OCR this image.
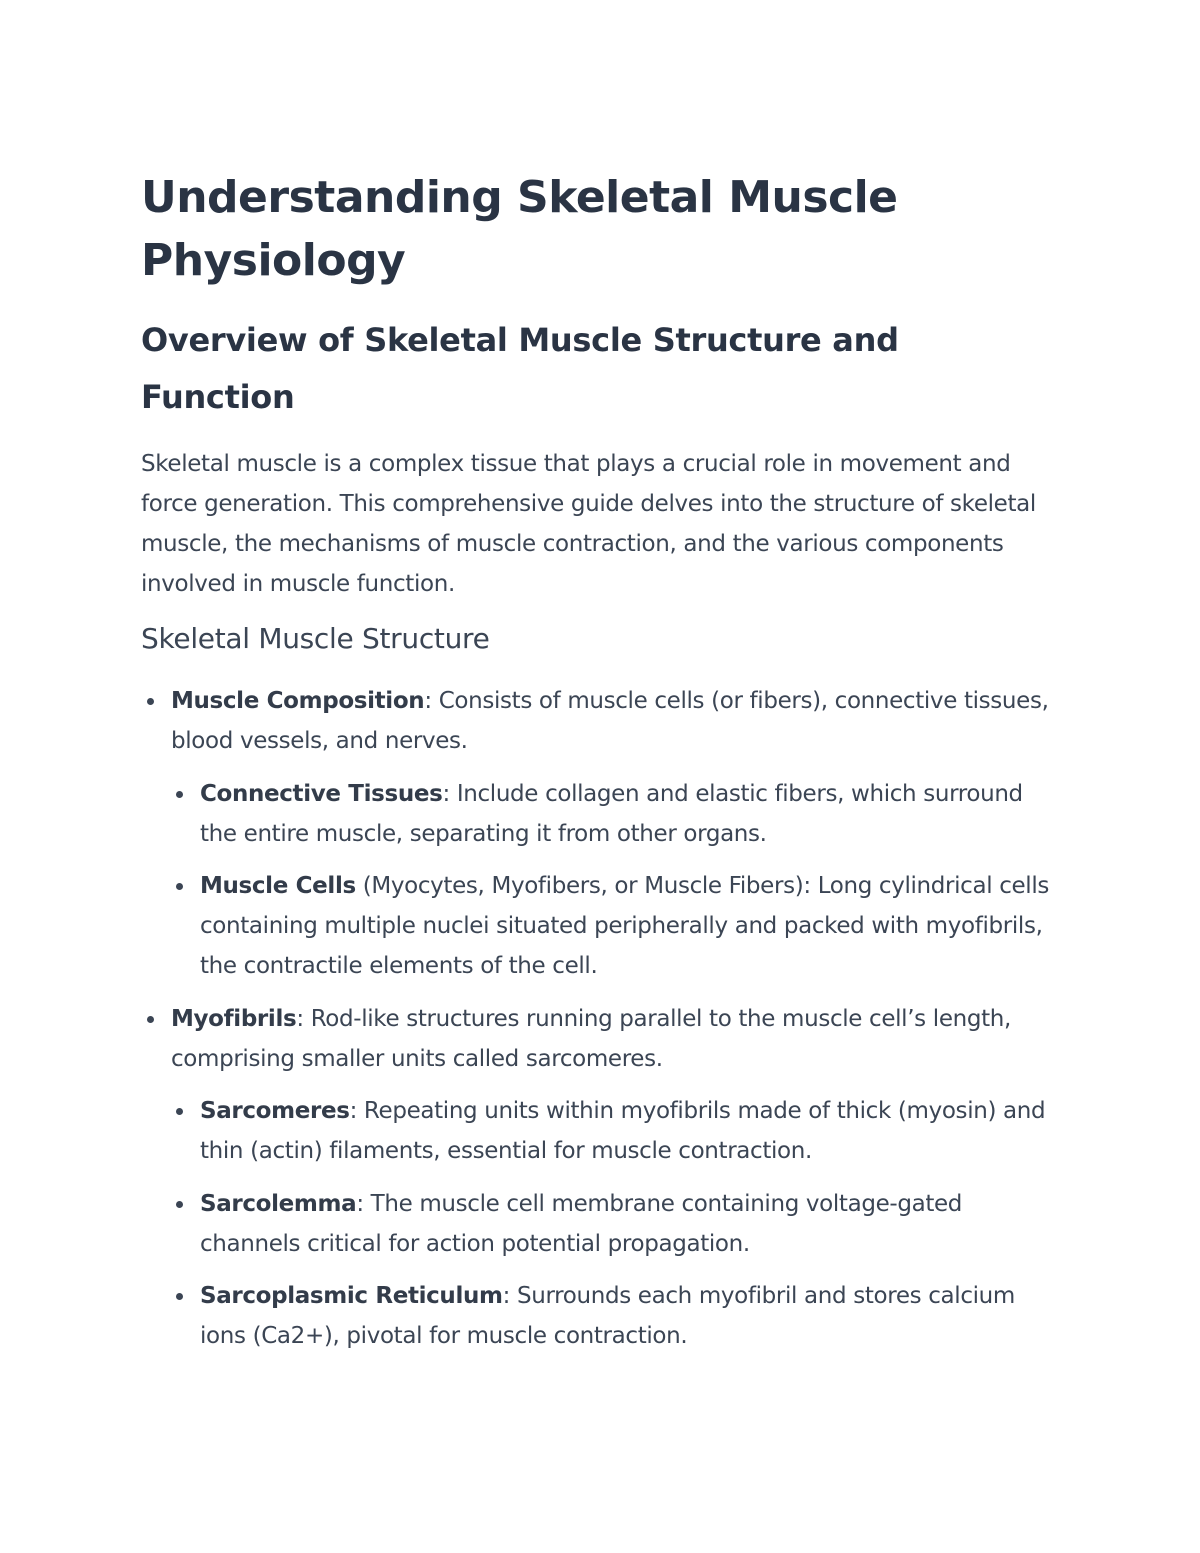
Understanding Skeletal Muscle Physiology
Overview of Skeletal Muscle Structure and Function

Skeletal muscle is a complex tissue that plays a crucial role in movement and force generation. This comprehensive guide delves into the structure of skeletal muscle, the mechanisms of muscle contraction, and the various components involved in muscle function.

Skeletal Muscle Structure
Muscle Composition: Consists of muscle cells (or fibers), connective tissues, blood vessels, and nerves.
Connective Tissues: Include collagen and elastic fibers, which surround the entire muscle, separating it from other organs.
Muscle Cells (Myocytes, Myofibers, or Muscle Fibers): Long cylindrical cells containing multiple nuclei situated peripherally and packed with myofibrils, the contractile elements of the cell.
Myofibrils: Rod-like structures running parallel to the muscle cell’s length, comprising smaller units called sarcomeres.
Sarcomeres: Repeating units within myofibrils made of thick (myosin) and thin (actin) filaments, essential for muscle contraction.
Sarcolemma: The muscle cell membrane containing voltage-gated channels critical for action potential propagation.
Sarcoplasmic Reticulum: Surrounds each myofibril and stores calcium ions (Ca2+), pivotal for muscle contraction.
